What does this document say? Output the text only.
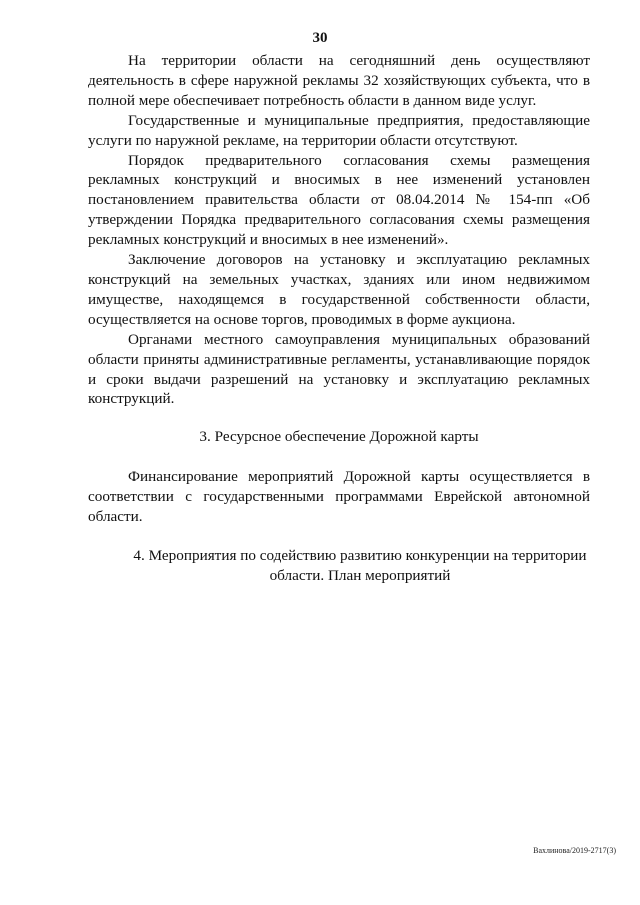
30

На территории области на сегодняшний день осуществляют деятельность в сфере наружной рекламы 32 хозяйствующих субъекта, что в полной мере обеспечивает потребность области в данном виде услуг.

Государственные и муниципальные предприятия, предоставляющие услуги по наружной рекламе, на территории области отсутствуют.

Порядок предварительного согласования схемы размещения рекламных конструкций и вносимых в нее изменений установлен постановлением правительства области от 08.04.2014 № 154-пп «Об утверждении Порядка предварительного согласования схемы размещения рекламных конструкций и вносимых в нее изменений».

Заключение договоров на установку и эксплуатацию рекламных конструкций на земельных участках, зданиях или ином недвижимом имуществе, находящемся в государственной собственности области, осуществляется на основе торгов, проводимых в форме аукциона.

Органами местного самоуправления муниципальных образований области приняты административные регламенты, устанавливающие порядок и сроки выдачи разрешений на установку и эксплуатацию рекламных конструкций.

3. Ресурсное обеспечение Дорожной карты

Финансирование мероприятий Дорожной карты осуществляется в соответствии с государственными программами Еврейской автономной области.

4. Мероприятия по содействию развитию конкуренции на территории
области. План мероприятий
Вахлинова/2019-2717(3)
